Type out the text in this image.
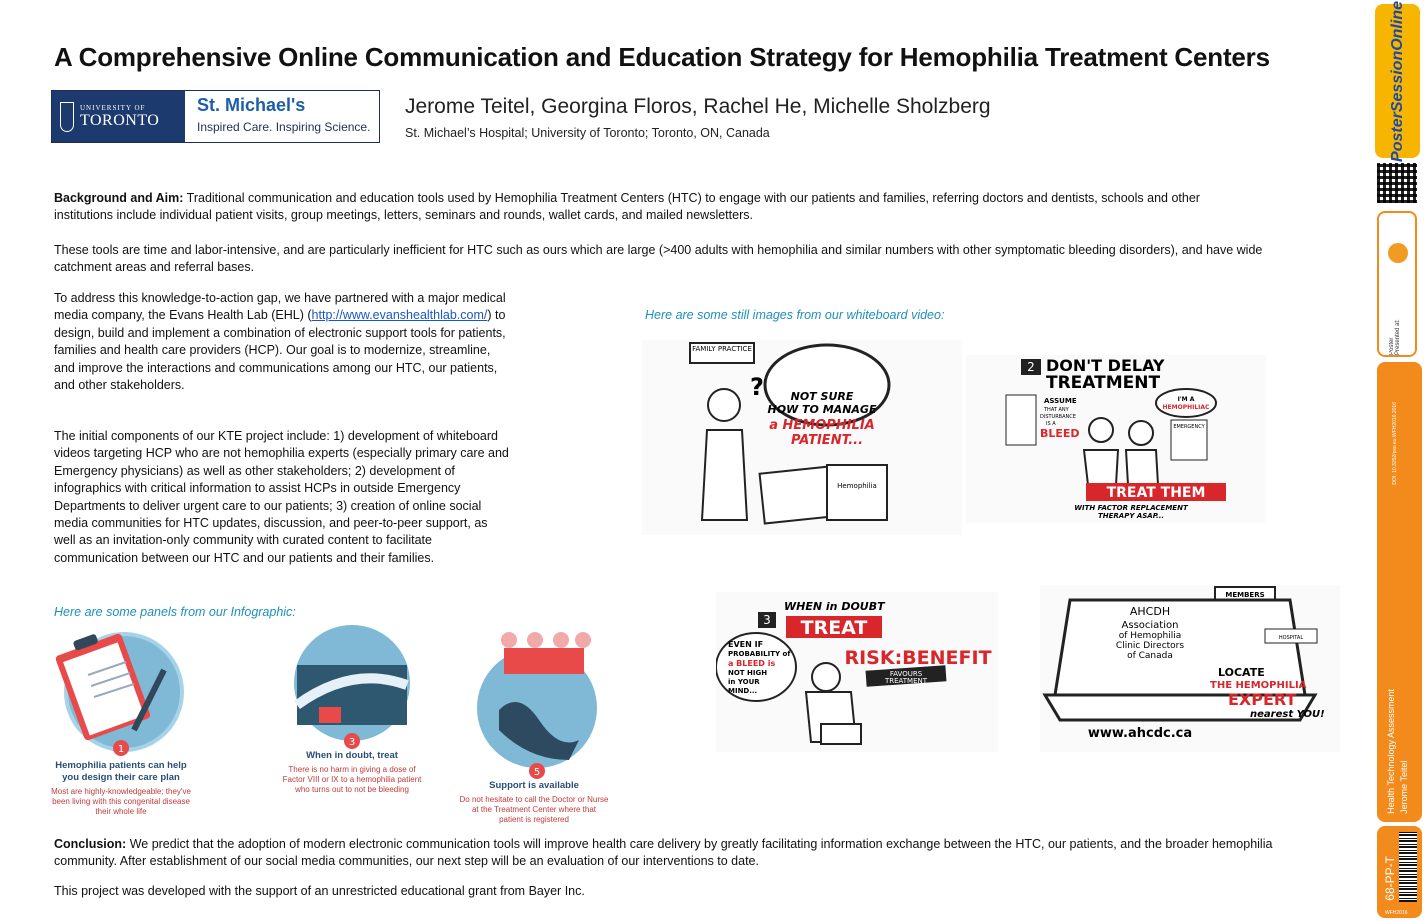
A Comprehensive Online Communication and Education Strategy for Hemophilia Treatment Centers
UNIVERSITY OF
TORONTO
St. Michael's
Inspired Care. Inspiring Science.
Jerome Teitel, Georgina Floros, Rachel He, Michelle Sholzberg
St. Michael’s Hospital; University of Toronto; Toronto, ON, Canada
Background and Aim: Traditional communication and education tools used by Hemophilia Treatment Centers (HTC) to engage with our patients and families, referring doctors and dentists, schools and other institutions include individual patient visits, group meetings, letters, seminars and rounds, wallet cards, and mailed newsletters.
These tools are time and labor-intensive, and are particularly inefficient for HTC such as ours which are large (>400 adults with hemophilia and similar numbers with other symptomatic bleeding disorders), and have wide catchment areas and referral bases.
To address this knowledge-to-action gap, we have partnered with a major medical media company, the Evans Health Lab (EHL) (http://www.evanshealthlab.com/) to design, build and implement a combination of electronic support tools for patients, families and health care providers (HCP). Our goal is to modernize, streamline, and improve the interactions and communications among our HTC, our patients, and other stakeholders.
The initial components of our KTE project include: 1) development of whiteboard videos targeting HCP who are not hemophilia experts (especially primary care and Emergency physicians) as well as other stakeholders; 2) development of infographics with critical information to assist HCPs in outside Emergency Departments to deliver urgent care to our patients; 3) creation of online social media communities for HTC updates, discussion, and peer-to-peer support, as well as an invitation-only community with curated content to facilitate communication between our HTC and our patients and their families.
Here are some panels from our Infographic:
Here are some still images from our whiteboard video:
1
Hemophilia patients can help you design their care plan
Most are highly-knowledgeable; they've been living with this congenital disease their whole life
3
When in doubt, treat
There is no harm in giving a dose of Factor VIII or IX to a hemophilia patient who turns out to not be bleeding
5
Support is available
Do not hesitate to call the Doctor or Nurse at the Treatment Center where that patient is registered
FAMILY PRACTICE
? NOT SURE
HOW TO MANAGE
a HEMOPHILIA
PATIENT...
Hemophilia
2 DON'T DELAY
TREATMENT
ASSUME
THAT ANY
DISTURBANCE
IS A
BLEED
I'M A
HEMOPHILIAC
EMERGENCY
TREAT THEM
WITH FACTOR REPLACEMENT
THERAPY ASAP...
WHEN in DOUBT
3 TREAT
EVEN IF
PROBABILITY of
a BLEED is
NOT HIGH
in YOUR
MIND...
RISK:BENEFIT
FAVOURS
TREATMENT
MEMBERS
AHCDH
Association
of Hemophilia
Clinic Directors
of Canada
HOSPITAL
LOCATE
THE HEMOPHILIA
EXPERT
nearest YOU!
www.ahcdc.ca
Conclusion: We predict that the adoption of modern electronic communication tools will improve health care delivery by greatly facilitating information exchange between the HTC, our patients, and the broader hemophilia community. After establishment of our social media communities, our next step will be an evaluation of our interventions to date.
This project was developed with the support of an unrestricted educational grant from Bayer Inc.
PosterSessionOnline
Poster Presented at:
DOI: 10.3252/pso.eu.WFH2016.2016
Health Technology Assessment Jerome Teitel
68-PP-T
WFH2016
